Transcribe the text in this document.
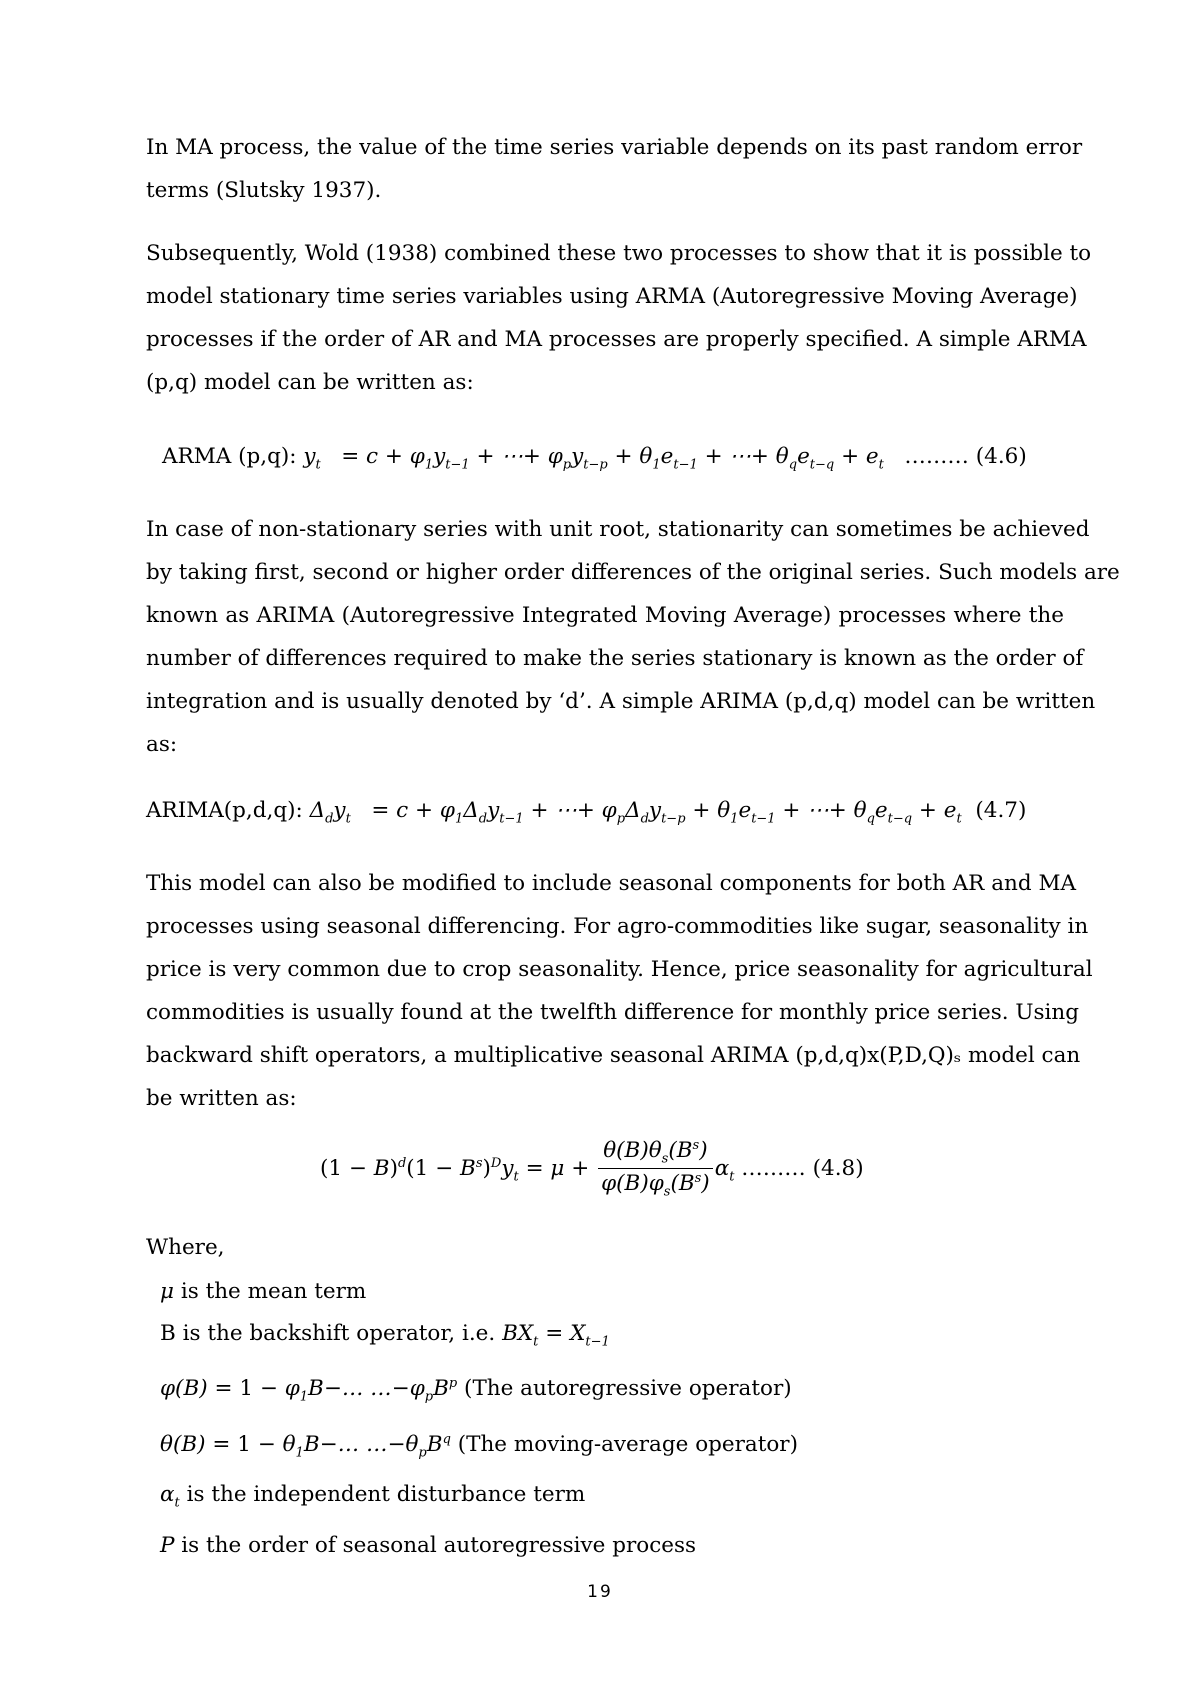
In MA process, the value of the time series variable depends on its past random error
terms (Slutsky 1937).

Subsequently, Wold (1938) combined these two processes to show that it is possible to
model stationary time series variables using ARMA (Autoregressive Moving Average)
processes if the order of AR and MA processes are properly specified. A simple ARMA
(p,q) model can be written as:

ARMA (p,q): $y_t = c + \varphi_1y_{t-1}$ + ⋯+ $\varphi_py_{t-p} + \theta_1e_{t-1}$ + ⋯+ $\theta_qe_{t-q} + e_t$ ……… (4.6)

In case of non-stationary series with unit root, stationarity can sometimes be achieved
by taking first, second or higher order differences of the original series. Such models are
known as ARIMA (Autoregressive Integrated Moving Average) processes where the
number of differences required to make the series stationary is known as the order of
integration and is usually denoted by ‘d’. A simple ARIMA (p,d,q) model can be written
as:

ARIMA(p,d,q): $\Delta_dy_t = c + \varphi_1\Delta_dy_{t-1}$ + ⋯+ $\varphi_p\Delta_dy_{t-p} + \theta_1e_{t-1}$ + ⋯+ $\theta_qe_{t-q} + e_t$ (4.7)

This model can also be modified to include seasonal components for both AR and MA
processes using seasonal differencing. For agro-commodities like sugar, seasonality in
price is very common due to crop seasonality. Hence, price seasonality for agricultural
commodities is usually found at the twelfth difference for monthly price series. Using
backward shift operators, a multiplicative seasonal ARIMA (p,d,q)x(P,D,Q)ₛ model can
be written as:

$(1 - B)^d(1 - B^s)^Dy_t = \mu + \frac{\theta(B)\theta_s(B^s)}{\varphi(B)\varphi_s(B^s)} \alpha_t$ ……… (4.8)
Where,
μ is the mean term
B is the backshift operator, i.e. $BX_t = X_{t-1}$
$\varphi(B) = 1 - \varphi_1B-\dots$ $\dots-\varphi_pB^p$ (The autoregressive operator)
$\theta(B) = 1 - \theta_1B-\dots$ $\dots-\theta_pB^q$ (The moving-average operator)
$\alpha_t$ is the independent disturbance term
P is the order of seasonal autoregressive process
19
